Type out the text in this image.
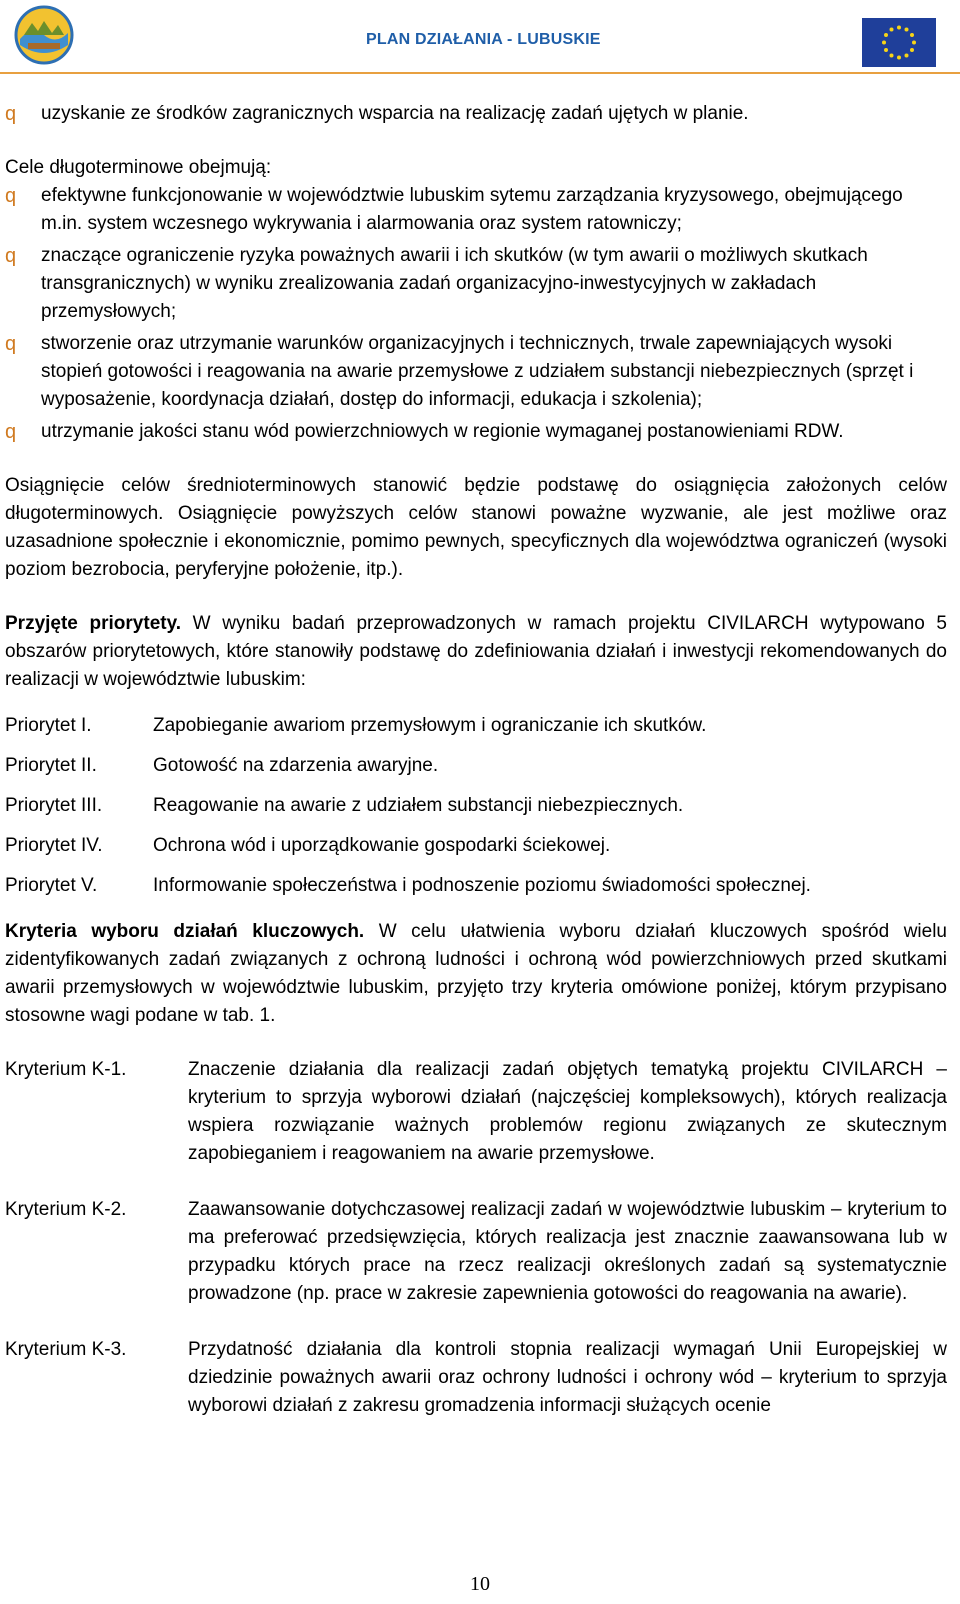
PLAN DZIAŁANIA - LUBUSKIE
q uzyskanie ze środków zagranicznych wsparcia na realizację zadań ujętych w planie.
Cele długoterminowe obejmują:
q efektywne funkcjonowanie w województwie lubuskim sytemu zarządzania kryzysowego, obejmującego m.in. system wczesnego wykrywania i alarmowania oraz system ratowniczy;
q znaczące ograniczenie ryzyka poważnych awarii i ich skutków (w tym awarii o możliwych skutkach transgranicznych) w wyniku zrealizowania zadań organizacyjno-inwestycyjnych w zakładach przemysłowych;
q stworzenie oraz utrzymanie warunków organizacyjnych i technicznych, trwale zapewniających wysoki stopień gotowości i reagowania na awarie przemysłowe z udziałem substancji niebezpiecznych (sprzęt i wyposażenie, koordynacja działań, dostęp do informacji, edukacja i szkolenia);
q utrzymanie jakości stanu wód powierzchniowych w regionie wymaganej postanowieniami RDW.
Osiągnięcie celów średnioterminowych stanowić będzie podstawę do osiągnięcia założonych celów długoterminowych. Osiągnięcie powyższych celów stanowi poważne wyzwanie, ale jest możliwe oraz uzasadnione społecznie i ekonomicznie, pomimo pewnych, specyficznych dla województwa ograniczeń (wysoki poziom bezrobocia, peryferyjne położenie, itp.).
Przyjęte priorytety. W wyniku badań przeprowadzonych w ramach projektu CIVILARCH wytypowano 5 obszarów priorytetowych, które stanowiły podstawę do zdefiniowania działań i inwestycji rekomendowanych do realizacji w województwie lubuskim:
Priorytet I.	Zapobieganie awariom przemysłowym i ograniczanie ich skutków.
Priorytet II.	Gotowość na zdarzenia awaryjne.
Priorytet III.	Reagowanie na awarie z udziałem substancji niebezpiecznych.
Priorytet IV.	Ochrona wód i uporządkowanie gospodarki ściekowej.
Priorytet V.	Informowanie społeczeństwa i podnoszenie poziomu świadomości społecznej.
Kryteria wyboru działań kluczowych. W celu ułatwienia wyboru działań kluczowych spośród wielu zidentyfikowanych zadań związanych z ochroną ludności i ochroną wód powierzchniowych przed skutkami awarii przemysłowych w województwie lubuskim, przyjęto trzy kryteria omówione poniżej, którym przypisano stosowne wagi podane w tab. 1.
Kryterium K-1.	Znaczenie działania dla realizacji zadań objętych tematyką projektu CIVILARCH – kryterium to sprzyja wyborowi działań (najczęściej kompleksowych), których realizacja wspiera rozwiązanie ważnych problemów regionu związanych ze skutecznym zapobieganiem i reagowaniem na awarie przemysłowe.
Kryterium K-2.	Zaawansowanie dotychczasowej realizacji zadań w województwie lubuskim – kryterium to ma preferować przedsięwzięcia, których realizacja jest znacznie zaawansowana lub w przypadku których prace na rzecz realizacji określonych zadań są systematycznie prowadzone (np. prace w zakresie zapewnienia gotowości do reagowania na awarie).
Kryterium K-3.	Przydatność działania dla kontroli stopnia realizacji wymagań Unii Europejskiej w dziedzinie poważnych awarii oraz ochrony ludności i ochrony wód – kryterium to sprzyja wyborowi działań z zakresu gromadzenia informacji służących ocenie
10
